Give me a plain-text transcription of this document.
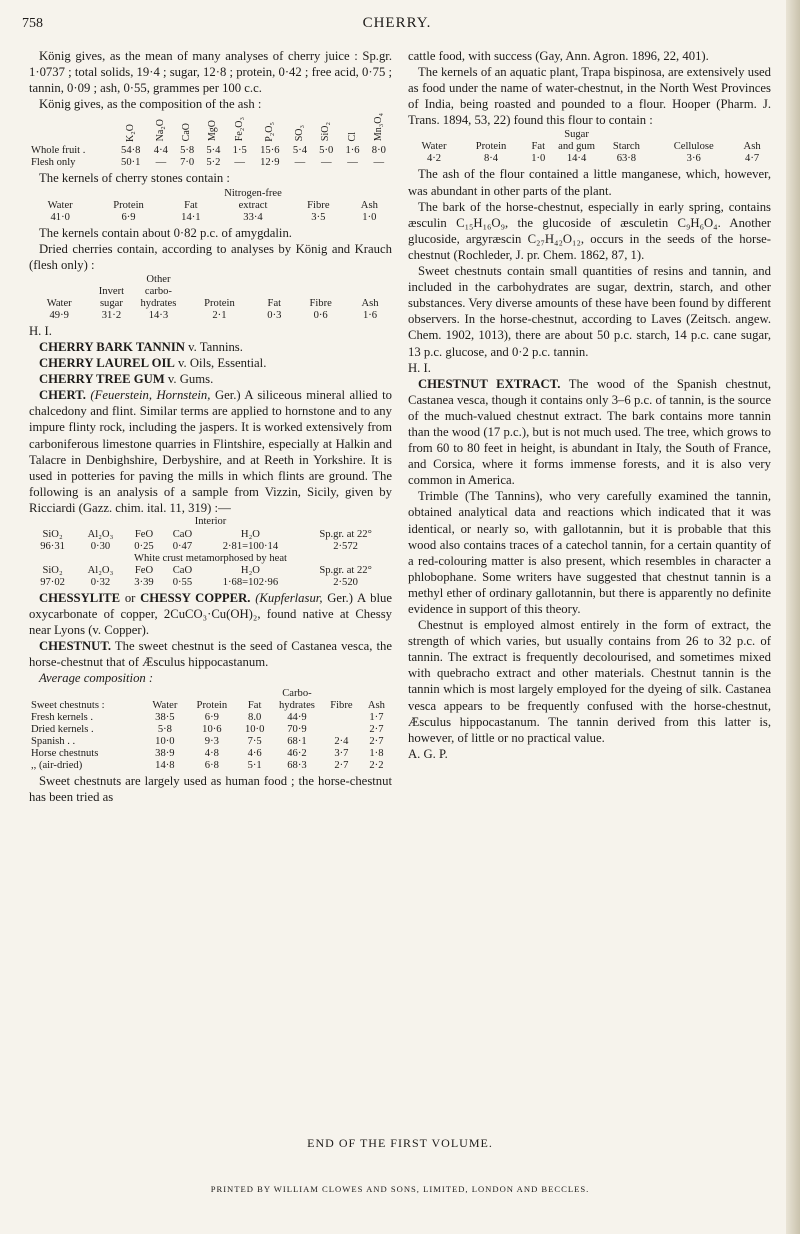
758	CHERRY.

König gives, as the mean of many analyses of cherry juice : Sp.gr. 1·0737 ; total solids, 19·4 ; sugar, 12·8 ; protein, 0·42 ; free acid, 0·75 ; tannin, 0·09 ; ash, 0·55, grammes per 100 c.c.

König gives, as the composition of the ash :

	K₂O	Na₂O	CaO	MgO	Fe₂O₃	P₂O₅	SO₃	SiO₂	Cl	Mn₃O₄
Whole fruit .	54·8	4·4	5·8	5·4	1·5	15·6	5·4	5·0	1·6	8·0
Flesh only	50·1	—	7·0	5·2	—	12·9	—	—	—	—

The kernels of cherry stones contain :

Water	Protein	Fat	Nitrogen-free extract	Fibre	Ash
41·0	6·9	14·1	33·4	3·5	1·0

The kernels contain about 0·82 p.c. of amygdalin.

Dried cherries contain, according to analyses by König and Krauch (flesh only) :

Water	Invert sugar	Other carbo-hydrates	Protein	Fat	Fibre	Ash
49·9	31·2	14·3	2·1	0·3	0·6	1·6

H. I.

CHERRY BARK TANNIN v. Tannins.

CHERRY LAUREL OIL v. Oils, Essential.

CHERRY TREE GUM v. Gums.

CHERT. (Feuerstein, Hornstein, Ger.) A siliceous mineral allied to chalcedony and flint. Similar terms are applied to hornstone and to any impure flinty rock, including the jaspers. It is worked extensively from carboniferous limestone quarries in Flintshire, especially at Halkin and Talacre in Denbighshire, Derbyshire, and at Reeth in Yorkshire. It is used in potteries for paving the mills in which flints are ground. The following is an analysis of a sample from Vizzin, Sicily, given by Ricciardi (Gazz. chim. ital. 11, 319) :—

Interior
SiO₂	Al₂O₃	FeO	CaO	H₂O	Sp.gr. at 22°
96·31	0·30	0·25	0·47	2·81=100·14	2·572
White crust metamorphosed by heat					
SiO₂	Al₂O₃	FeO	CaO	H₂O	Sp.gr. at 22°
97·02	0·32	3·39	0·55	1·68=102·96	2·520

CHESSYLITE or CHESSY COPPER. (Kupferlasur, Ger.) A blue oxycarbonate of copper, 2CuCO₃·Cu(OH)₂, found native at Chessy near Lyons (v. Copper).

CHESTNUT. The sweet chestnut is the seed of Castanea vesca, the horse-chestnut that of Æsculus hippocastanum.

Average composition :

Sweet chestnuts :	Water	Protein	Fat	Carbo-hydrates	Fibre	Ash
Fresh kernels .	38·5	6·9	8.0	44·9		1·7
Dried kernels .	5·8	10·6	10·0	70·9		2·7
Spanish . .	10·0	9·3	7·5	68·1	2·4	2·7
Horse chestnuts	38·9	4·8	4·6	46·2	3·7	1·8
,, (air-dried)	14·8	6·8	5·1	68·3	2·7	2·2

Sweet chestnuts are largely used as human food ; the horse-chestnut has been tried as

cattle food, with success (Gay, Ann. Agron. 1896, 22, 401).

The kernels of an aquatic plant, Trapa bispinosa, are extensively used as food under the name of water-chestnut, in the North West Provinces of India, being roasted and pounded to a flour. Hooper (Pharm. J. Trans. 1894, 53, 22) found this flour to contain :

Water	Protein	Fat	Sugar and gum	Starch	Cellulose	Ash
4·2	8·4	1·0	14·4	63·8	3·6	4·7

The ash of the flour contained a little manganese, which, however, was abundant in other parts of the plant.

The bark of the horse-chestnut, especially in early spring, contains æsculin C₁₅H₁₆O₉, the glucoside of æsculetin C₉H₆O₄. Another glucoside, argyræscin C₂₇H₄₂O₁₂, occurs in the seeds of the horse-chestnut (Rochleder, J. pr. Chem. 1862, 87, 1).

Sweet chestnuts contain small quantities of resins and tannin, and included in the carbohydrates are sugar, dextrin, starch, and other substances. Very diverse amounts of these have been found by different observers. In the horse-chestnut, according to Laves (Zeitsch. angew. Chem. 1902, 1013), there are about 50 p.c. starch, 14 p.c. cane sugar, 13 p.c. glucose, and 0·2 p.c. tannin.

H. I.

CHESTNUT EXTRACT. The wood of the Spanish chestnut, Castanea vesca, though it contains only 3–6 p.c. of tannin, is the source of the much-valued chestnut extract. The bark contains more tannin than the wood (17 p.c.), but is not much used. The tree, which grows to from 60 to 80 feet in height, is abundant in Italy, the South of France, and Corsica, where it forms immense forests, and it is also very common in America.

Trimble (The Tannins), who very carefully examined the tannin, obtained analytical data and reactions which indicated that it was identical, or nearly so, with gallotannin, but it is probable that this wood also contains traces of a catechol tannin, for a certain quantity of a red-colouring matter is also present, which resembles in character a phlobophane. Some writers have suggested that chestnut tannin is a methyl ether of ordinary gallotannin, but there is apparently no definite evidence in support of this theory.

Chestnut is employed almost entirely in the form of extract, the strength of which varies, but usually contains from 26 to 32 p.c. of tannin. The extract is frequently decolourised, and sometimes mixed with quebracho extract and other materials. Chestnut tannin is the tannin which is most largely employed for the dyeing of silk. Castanea vesca appears to be frequently confused with the horse-chestnut, Æsculus hippocastanum. The tannin derived from this latter is, however, of little or no practical value.

A. G. P.

END OF THE FIRST VOLUME.
PRINTED BY WILLIAM CLOWES AND SONS, LIMITED, LONDON AND BECCLES.
